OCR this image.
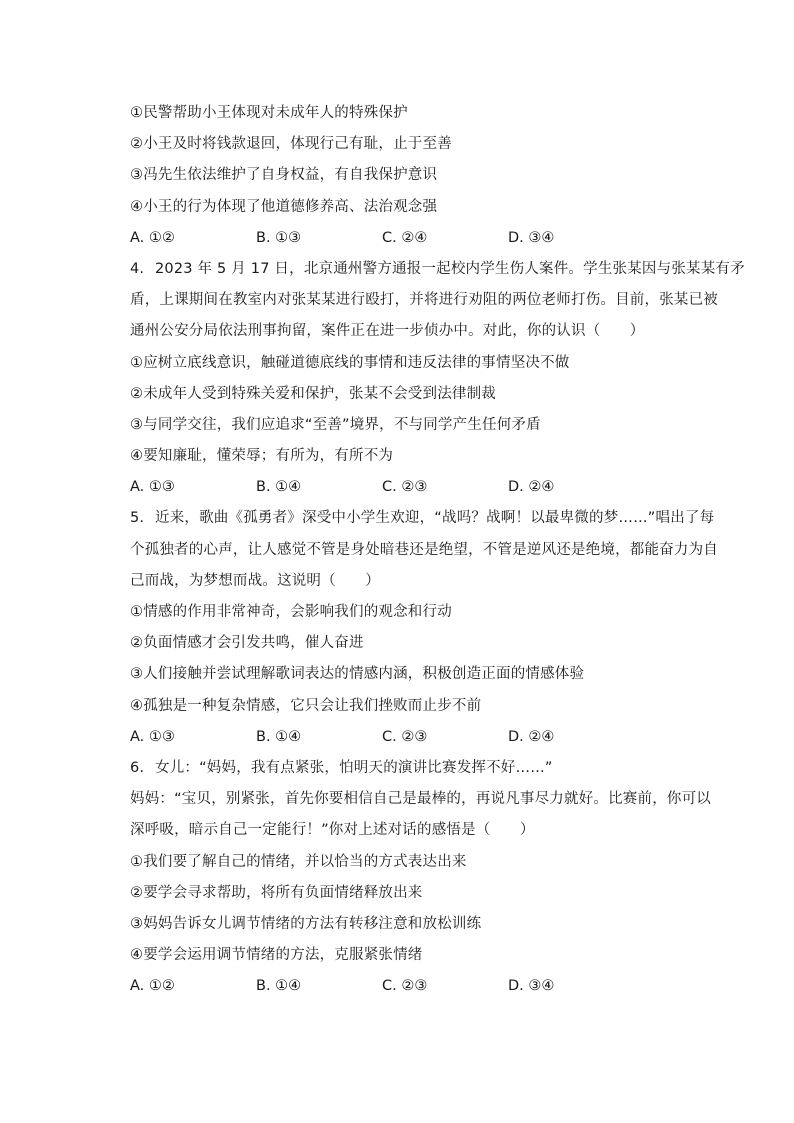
①民警帮助小王体现对未成年人的特殊保护
②小王及时将钱款退回，体现行己有耻，止于至善
③冯先生依法维护了自身权益，有自我保护意识
④小王的行为体现了他道德修养高、法治观念强
A. ①②	B. ①③	C. ②④	D. ③④
4. 2023 年 5 月 17 日，北京通州警方通报一起校内学生伤人案件。学生张某因与张某某有矛
盾，上课期间在教室内对张某某进行殴打，并将进行劝阻的两位老师打伤。目前，张某已被
通州公安分局依法刑事拘留，案件正在进一步侦办中。对此，你的认识（　　）
①应树立底线意识，触碰道德底线的事情和违反法律的事情坚决不做
②未成年人受到特殊关爱和保护，张某不会受到法律制裁
③与同学交往，我们应追求“至善”境界，不与同学产生任何矛盾
④要知廉耻，懂荣辱；有所为，有所不为
A. ①③	B. ①④	C. ②③	D. ②④
5. 近来，歌曲《孤勇者》深受中小学生欢迎，“战吗？战啊！以最卑微的梦……”唱出了每
个孤独者的心声，让人感觉不管是身处暗巷还是绝望，不管是逆风还是绝境，都能奋力为自
己而战，为梦想而战。这说明（　　）
①情感的作用非常神奇，会影响我们的观念和行动
②负面情感才会引发共鸣，催人奋进
③人们接触并尝试理解歌词表达的情感内涵，积极创造正面的情感体验
④孤独是一种复杂情感，它只会让我们挫败而止步不前
A. ①③	B. ①④	C. ②③	D. ②④
6. 女儿：“妈妈，我有点紧张，怕明天的演讲比赛发挥不好……”
妈妈：“宝贝，别紧张，首先你要相信自己是最棒的，再说凡事尽力就好。比赛前，你可以
深呼吸，暗示自己一定能行！”你对上述对话的感悟是（　　）
①我们要了解自己的情绪，并以恰当的方式表达出来
②要学会寻求帮助，将所有负面情绪释放出来
③妈妈告诉女儿调节情绪的方法有转移注意和放松训练
④要学会运用调节情绪的方法，克服紧张情绪
A. ①②	B. ①④	C. ②③	D. ③④
